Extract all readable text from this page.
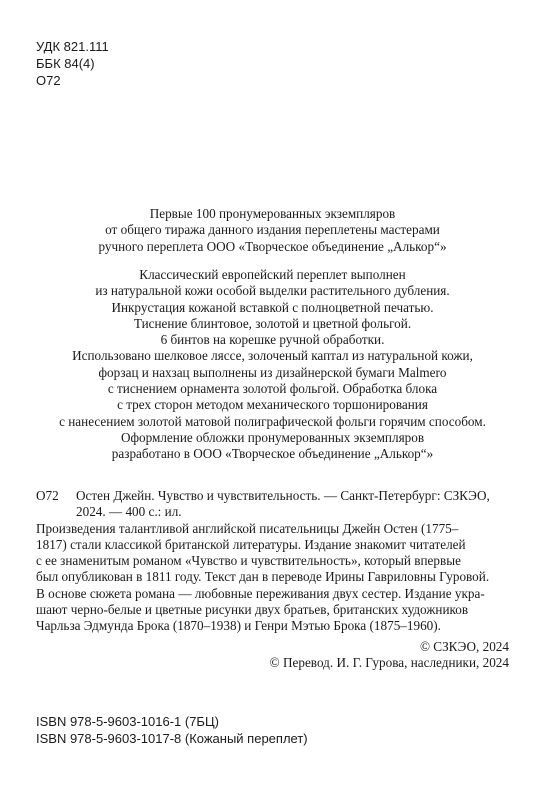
УДК 821.111
ББК 84(4)
О72
Первые 100 пронумерованных экземпляров
от общего тиража данного издания переплетены мастерами
ручного переплета ООО «Творческое объединение „Алькор“»
Классический европейский переплет выполнен
из натуральной кожи особой выделки растительного дубления.
Инкрустация кожаной вставкой с полноцветной печатью.
Тиснение блинтовое, золотой и цветной фольгой.
6 бинтов на корешке ручной обработки.
Использовано шелковое ляссе, золоченый каптал из натуральной кожи,
форзац и нахзац выполнены из дизайнерской бумаги Malmero
с тиснением орнамента золотой фольгой. Обработка блока
с трех сторон методом механического торшонирования
с нанесением золотой матовой полиграфической фольги горячим способом.
Оформление обложки пронумерованных экземпляров
разработано в ООО «Творческое объединение „Алькор“»
О72 Остен Джейн. Чувство и чувствительность. — Санкт-Петербург: СЗКЭО,
2024. — 400 с.: ил.
Произведения талантливой английской писательницы Джейн Остен (1775–
1817) стали классикой британской литературы. Издание знакомит читателей
с ее знаменитым романом «Чувство и чувствительность», который впервые
был опубликован в 1811 году. Текст дан в переводе Ирины Гавриловны Гуровой.
В основе сюжета романа — любовные переживания двух сестер. Издание укра-
шают черно-белые и цветные рисунки двух братьев, британских художников
Чарльза Эдмунда Брока (1870–1938) и Генри Мэтью Брока (1875–1960).
© СЗКЭО, 2024
© Перевод. И. Г. Гурова, наследники, 2024
ISBN 978-5-9603-1016-1 (7БЦ)
ISBN 978-5-9603-1017-8 (Кожаный переплет)
